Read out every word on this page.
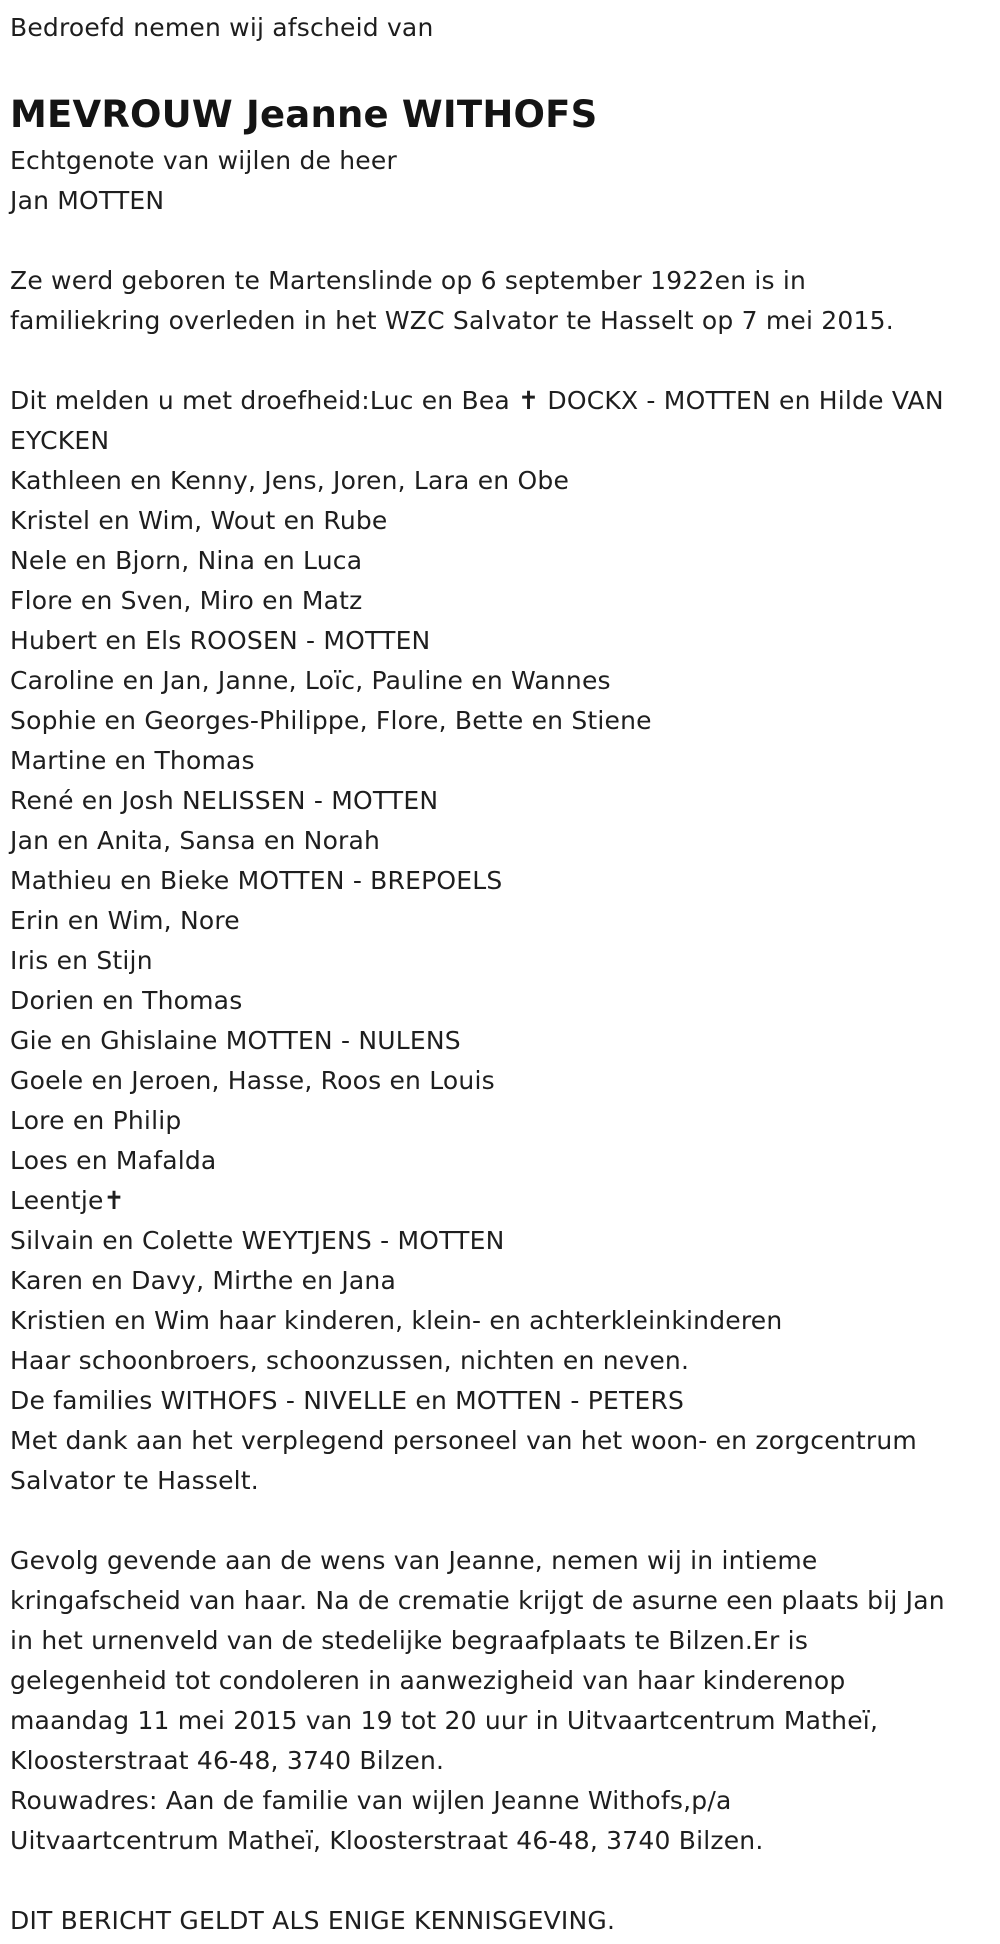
Bedroefd nemen wij afscheid van
MEVROUW Jeanne WITHOFS
Echtgenote van wijlen de heer
Jan MOTTEN
Ze werd geboren te Martenslinde op 6 september 1922en is in
familiekring overleden in het WZC Salvator te Hasselt op 7 mei 2015.
Dit melden u met droefheid:Luc en Bea ✝ DOCKX - MOTTEN en Hilde VAN
EYCKEN
Kathleen en Kenny, Jens, Joren, Lara en Obe
Kristel en Wim, Wout en Rube
Nele en Bjorn, Nina en Luca
Flore en Sven, Miro en Matz
Hubert en Els ROOSEN - MOTTEN
Caroline en Jan, Janne, Loïc, Pauline en Wannes
Sophie en Georges-Philippe, Flore, Bette en Stiene
Martine en Thomas
René en Josh NELISSEN - MOTTEN
Jan en Anita, Sansa en Norah
Mathieu en Bieke MOTTEN - BREPOELS
Erin en Wim, Nore
Iris en Stijn
Dorien en Thomas
Gie en Ghislaine MOTTEN - NULENS
Goele en Jeroen, Hasse, Roos en Louis
Lore en Philip
Loes en Mafalda
Leentje✝
Silvain en Colette WEYTJENS - MOTTEN
Karen en Davy, Mirthe en Jana
Kristien en Wim haar kinderen, klein- en achterkleinkinderen
Haar schoonbroers, schoonzussen, nichten en neven.
De families WITHOFS - NIVELLE en MOTTEN - PETERS
Met dank aan het verplegend personeel van het woon- en zorgcentrum
Salvator te Hasselt.
Gevolg gevende aan de wens van Jeanne, nemen wij in intieme
kringafscheid van haar. Na de crematie krijgt de asurne een plaats bij Jan
in het urnenveld van de stedelijke begraafplaats te Bilzen.Er is
gelegenheid tot condoleren in aanwezigheid van haar kinderenop
maandag 11 mei 2015 van 19 tot 20 uur in Uitvaartcentrum Matheï,
Kloosterstraat 46-48, 3740 Bilzen.
Rouwadres: Aan de familie van wijlen Jeanne Withofs,p/a
Uitvaartcentrum Matheï, Kloosterstraat 46-48, 3740 Bilzen.
DIT BERICHT GELDT ALS ENIGE KENNISGEVING.
